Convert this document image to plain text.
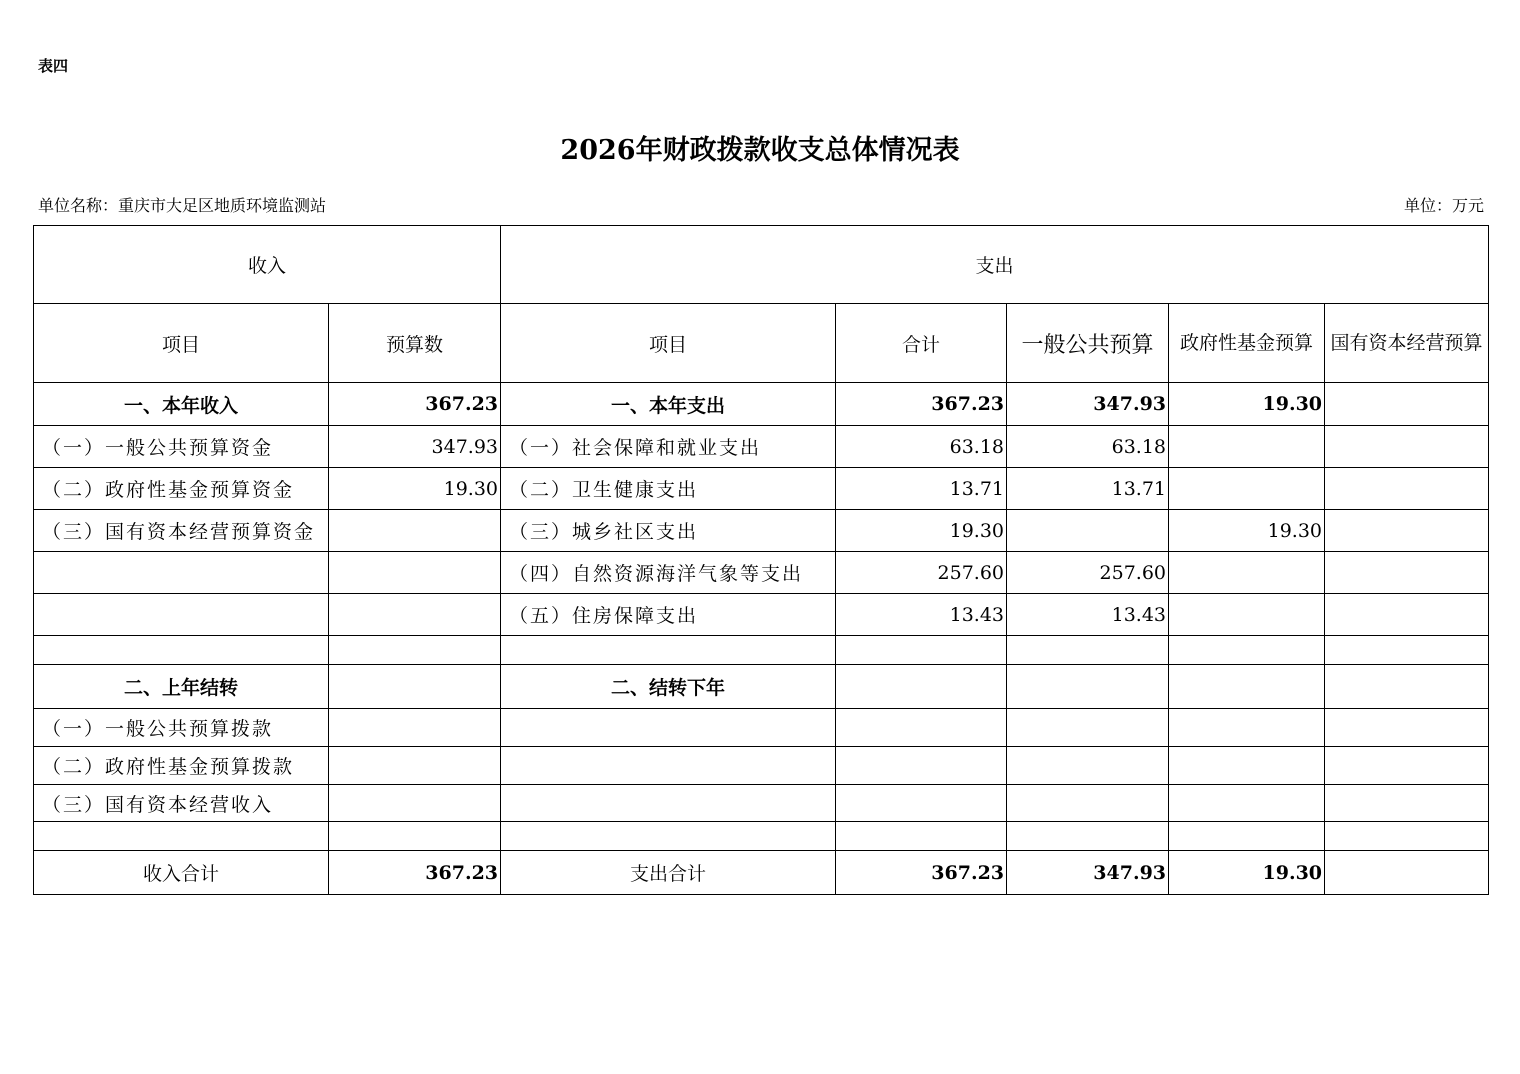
表四
2026年财政拨款收支总体情况表
单位名称：重庆市大足区地质环境监测站	单位：万元
收入		支出				
项目	预算数	项目	合计	一般公共预算	政府性基金预算	国有资本经营预算
一、本年收入	367.23	一、本年支出	367.23	347.93	19.30	
（一）一般公共预算资金	347.93	（一）社会保障和就业支出	63.18	63.18		
（二）政府性基金预算资金	19.30	（二）卫生健康支出	13.71	13.71		
（三）国有资本经营预算资金		（三）城乡社区支出	19.30		19.30	
		（四）自然资源海洋气象等支出	257.60	257.60		
		（五）住房保障支出	13.43	13.43		

二、上年结转		二、结转下年				
（一）一般公共预算拨款						
（二）政府性基金预算拨款						
（三）国有资本经营收入						

收入合计	367.23	支出合计	367.23	347.93	19.30	
